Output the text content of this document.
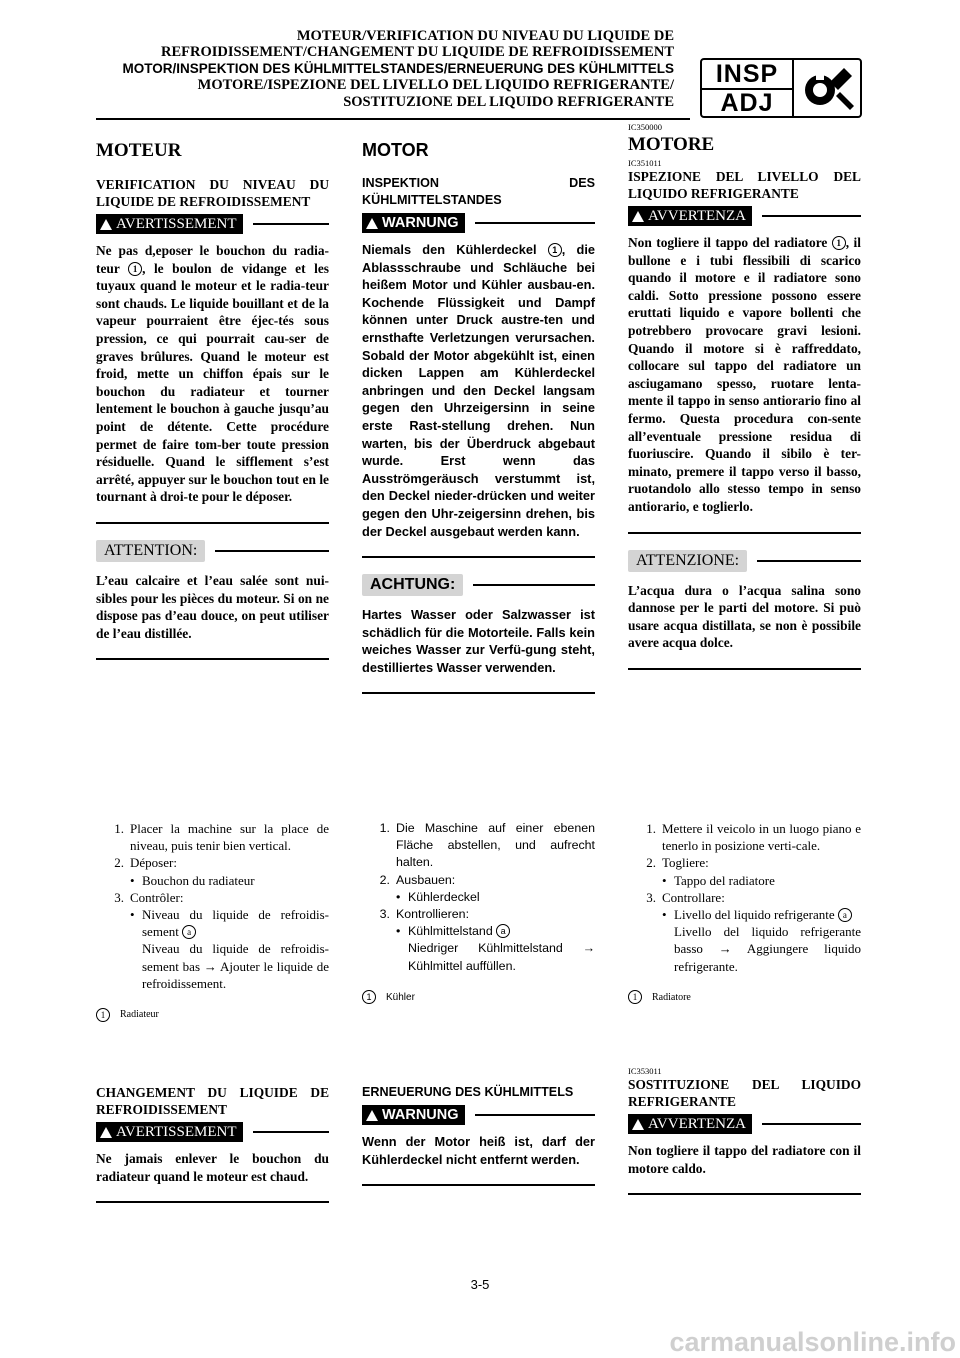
MOTEUR/VERIFICATION DU NIVEAU DU LIQUIDE DE
REFROIDISSEMENT/CHANGEMENT DU LIQUIDE DE REFROIDISSEMENT
MOTOR/INSPEKTION DES KÜHLMITTELSTANDES/ERNEUERUNG DES KÜHLMITTELS
MOTORE/ISPEZIONE DEL LIVELLO DEL LIQUIDO REFRIGERANTE/
SOSTITUZIONE DEL LIQUIDO REFRIGERANTE
INSP
ADJ
MOTEUR
VERIFICATION DU NIVEAU DU LIQUIDE DE REFROIDISSEMENT
AVERTISSEMENT
Ne pas d,eposer le bouchon du radia-teur 1 , le boulon de vidange et les tuyaux quand le moteur et le radia-teur sont chauds. Le liquide bouillant et de la vapeur pourraient être éjec-tés sous pression, ce qui pourrait cau-ser de graves brûlures. Quand le moteur est froid, mette un chiffon épais sur le bouchon du radiateur et tourner lentement le bouchon à gauche jusqu’au point de détente. Cette procédure permet de faire tom-ber toute pression résiduelle. Quand le sifflement s’est arrêté, appuyer sur le bouchon tout en le tournant à droi-te pour le déposer.
ATTENTION:
L’eau calcaire et l’eau salée sont nui-sibles pour les pièces du moteur. Si on ne dispose pas d’eau douce, on peut utiliser de l’eau distillée.
MOTOR
INSPEKTION DES KÜHLMITTELSTANDES
WARNUNG
Niemals den Kühlerdeckel 1 , die Ablassschraube und Schläuche bei heißem Motor und Kühler ausbau-en. Kochende Flüssigkeit und Dampf können unter Druck austre-ten und ernsthafte Verletzungen verursachen. Sobald der Motor abgekühlt ist, einen dicken Lappen am Kühlerdeckel anbringen und den Deckel langsam gegen den Uhrzeigersinn in seine erste Rast-stellung drehen. Nun warten, bis der Überdruck abgebaut wurde. Erst wenn das Ausströmgeräusch verstummt ist, den Deckel nieder-drücken und weiter gegen den Uhr-zeigersinn drehen, bis der Deckel ausgebaut werden kann.
ACHTUNG:
Hartes Wasser oder Salzwasser ist schädlich für die Motorteile. Falls kein weiches Wasser zur Verfü-gung steht, destilliertes Wasser verwenden.
IC350000
MOTORE
IC351011
ISPEZIONE DEL LIVELLO DEL LIQUIDO REFRIGERANTE
AVVERTENZA
Non togliere il tappo del radiatore 1 , il bullone e i tubi flessibili di scarico quando il motore e il radiatore sono caldi. Sotto pressione possono essere eruttati liquido e vapore bollenti che potrebbero provocare gravi lesioni. Quando il motore si è raffreddato, collocare sul tappo del radiatore un asciugamano spesso, ruotare lenta-mente il tappo in senso antiorario fino al fermo. Questa procedura con-sente all’eventuale pressione residua di fuoriuscire. Quando il sibilo è ter-minato, premere il tappo verso il basso, ruotandolo allo stesso tempo in senso antiorario, e toglierlo.
ATTENZIONE:
L’acqua dura o l’acqua salina sono dannose per le parti del motore. Si può usare acqua distillata, se non è possibile avere acqua dolce.
1. Placer la machine sur la place de niveau, puis tenir bien vertical.
2. Déposer:
• Bouchon du radiateur
3. Contrôler:
• Niveau du liquide de refroidis-sement a
Niveau du liquide de refroidis-sement bas → Ajouter le liquide de refroidissement.
1	Radiateur
1. Die Maschine auf einer ebenen Fläche abstellen, und aufrecht halten.
2. Ausbauen:
• Kühlerdeckel
3. Kontrollieren:
• Kühlmittelstand a
Niedriger Kühlmittelstand → Kühlmittel auffüllen.
1	Kühler
1. Mettere il veicolo in un luogo piano e tenerlo in posizione verti-cale.
2. Togliere:
• Tappo del radiatore
3. Controllare:
• Livello del liquido refrigerante a
Livello del liquido refrigerante basso → Aggiungere liquido refrigerante.
1	Radiatore
CHANGEMENT DU LIQUIDE DE REFROIDISSEMENT
AVERTISSEMENT
Ne jamais enlever le bouchon du radiateur quand le moteur est chaud.
ERNEUERUNG DES KÜHLMITTELS
WARNUNG
Wenn der Motor heiß ist, darf der Kühlerdeckel nicht entfernt werden.
IC353011
SOSTITUZIONE DEL LIQUIDO REFRIGERANTE
AVVERTENZA
Non togliere il tappo del radiatore con il motore caldo.
3-5
carmanualsonline.info
